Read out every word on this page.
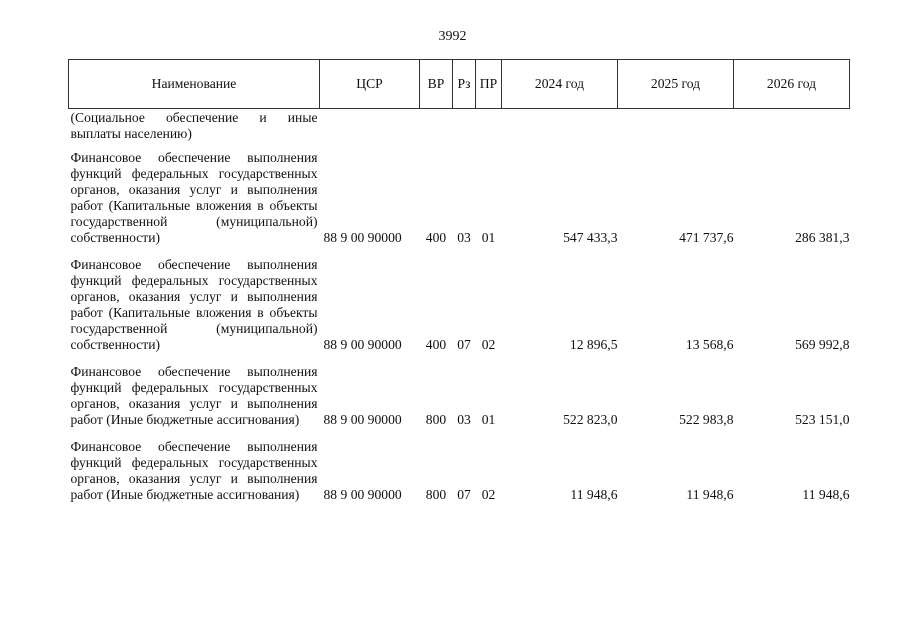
3992
Наименование	ЦСР	ВР	Рз	ПР	2024 год	2025 год	2026 год
(Социальное обеспечение и иные выплаты населению)							
Финансовое обеспечение выполнения функций федеральных государственных органов, оказания услуг и выполнения работ (Капитальные вложения в объекты государственной (муниципальной) собственности)	88 9 00 90000	400	03	01	547 433,3	471 737,6	286 381,3
Финансовое обеспечение выполнения функций федеральных государственных органов, оказания услуг и выполнения работ (Капитальные вложения в объекты государственной (муниципальной) собственности)	88 9 00 90000	400	07	02	12 896,5	13 568,6	569 992,8
Финансовое обеспечение выполнения функций федеральных государственных органов, оказания услуг и выполнения работ (Иные бюджетные ассигнования)	88 9 00 90000	800	03	01	522 823,0	522 983,8	523 151,0
Финансовое обеспечение выполнения функций федеральных государственных органов, оказания услуг и выполнения работ (Иные бюджетные ассигнования)	88 9 00 90000	800	07	02	11 948,6	11 948,6	11 948,6
